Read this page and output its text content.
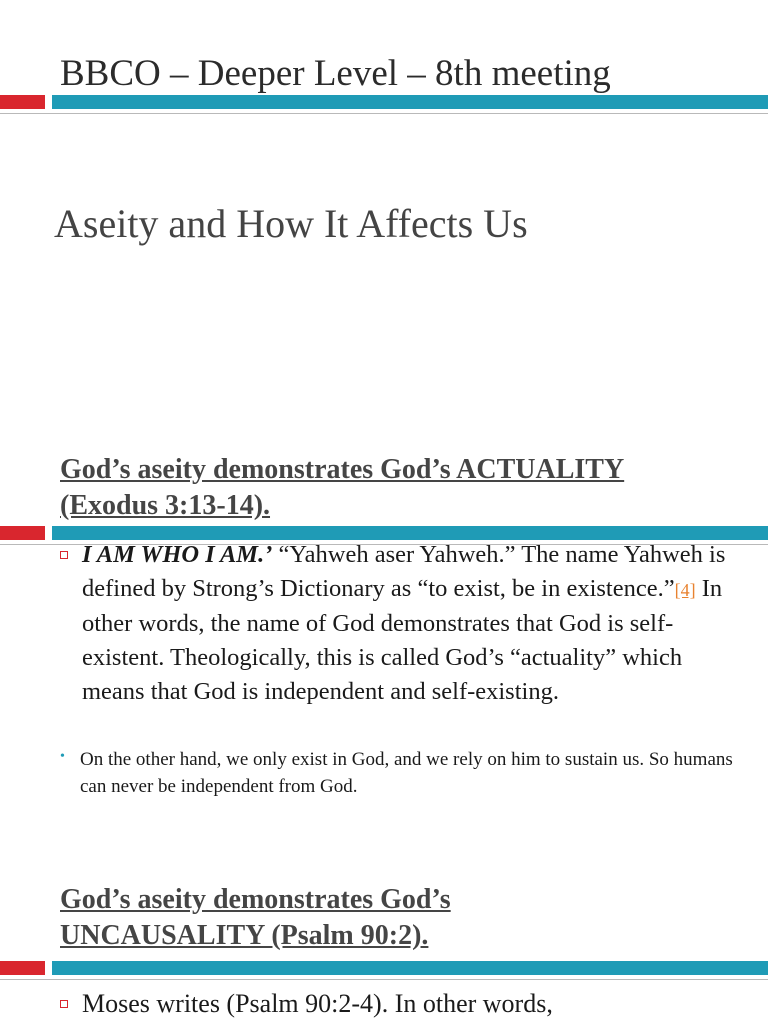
BBCO – Deeper Level – 8th meeting
Aseity and How It Affects Us
God’s aseity demonstrates God’s ACTUALITY
(Exodus 3:13-14).

I AM WHO I AM.’ “Yahweh aser Yahweh.” The name Yahweh is defined by Strong’s Dictionary as “to exist, be in existence.”[4] In other words, the name of God demonstrates that God is self-existent. Theologically, this is called God’s “actuality” which means that God is independent and self-existing.

• On the other hand, we only exist in God, and we rely on him to sustain us. So humans can never be independent from God.

God’s aseity demonstrates God’s
UNCAUSALITY (Psalm 90:2).

Moses writes (Psalm 90:2-4). In other words,
